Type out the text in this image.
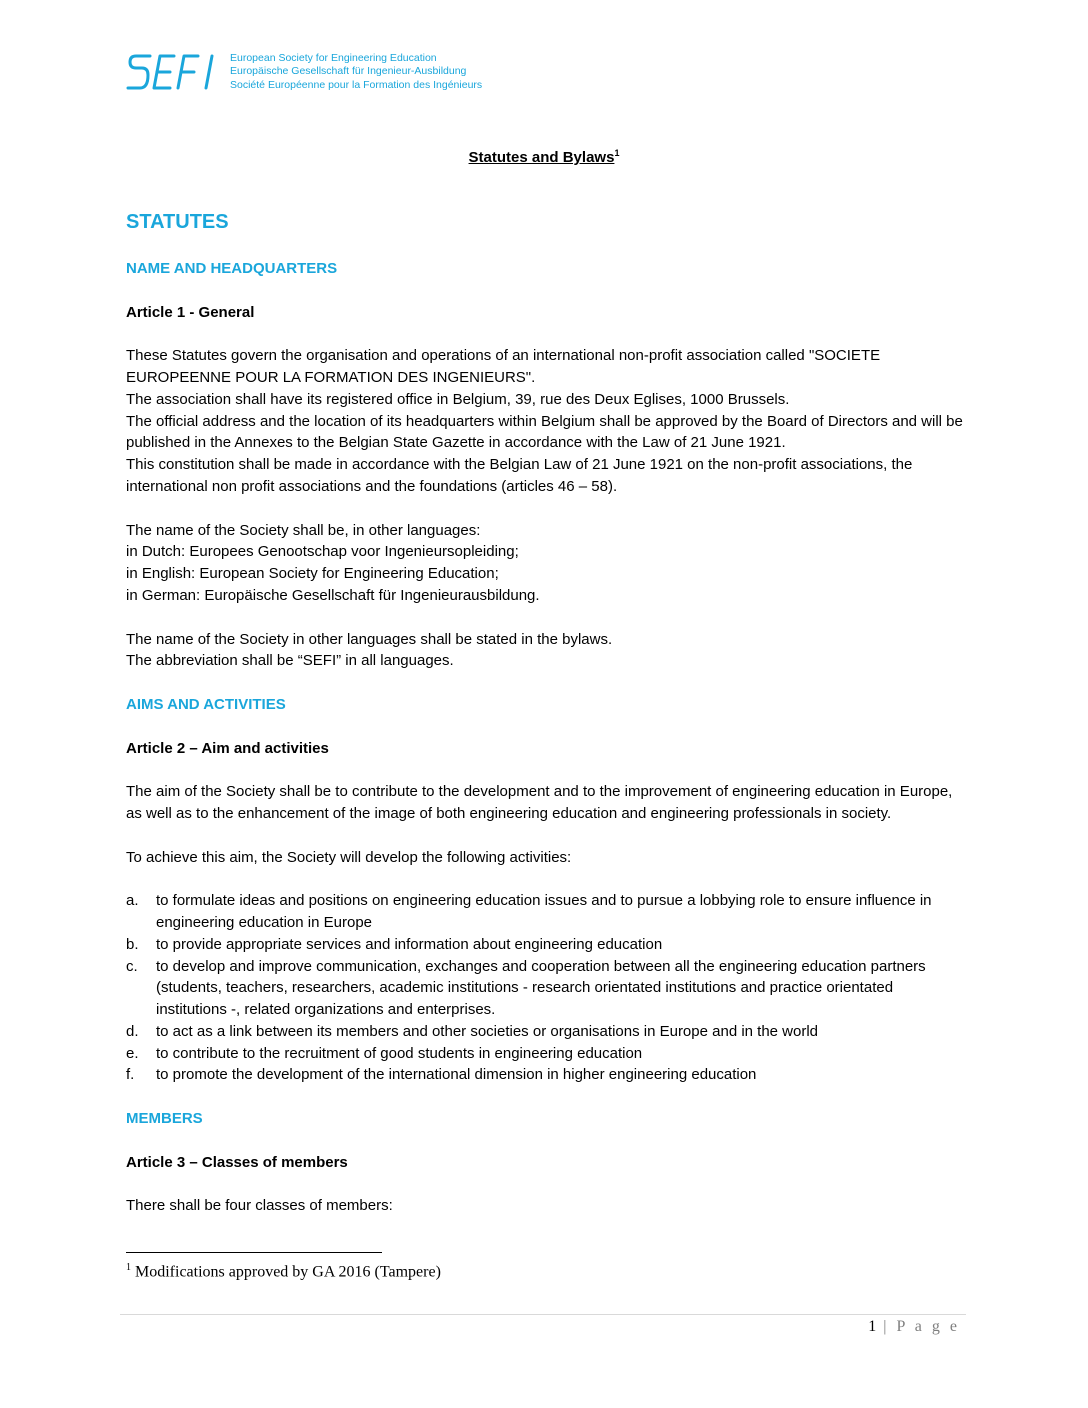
European Society for Engineering Education
Europäische Gesellschaft für Ingenieur-Ausbildung
Société Européenne pour la Formation des Ingénieurs
Statutes and Bylaws$^1$
STATUTES
NAME AND HEADQUARTERS
Article 1 - General
These Statutes govern the organisation and operations of an international non-profit association called "SOCIETE EUROPEENNE POUR LA FORMATION DES INGENIEURS".
The association shall have its registered office in Belgium, 39, rue des Deux Eglises, 1000 Brussels.
The official address and the location of its headquarters within Belgium shall be approved by the Board of Directors and will be published in the Annexes to the Belgian State Gazette in accordance with the Law of 21 June 1921.
This constitution shall be made in accordance with the Belgian Law of 21 June 1921 on the non-profit associations, the international non profit associations and the foundations (articles 46 – 58).
The name of the Society shall be, in other languages:
in Dutch: Europees Genootschap voor Ingenieursopleiding;
in English: European Society for Engineering Education;
in German: Europäische Gesellschaft für Ingenieurausbildung.
The name of the Society in other languages shall be stated in the bylaws.
The abbreviation shall be “SEFI” in all languages.
AIMS AND ACTIVITIES
Article 2 – Aim and activities
The aim of the Society shall be to contribute to the development and to the improvement of engineering education in Europe, as well as to the enhancement of the image of both engineering education and engineering professionals in society.
To achieve this aim, the Society will develop the following activities:
a.	to formulate ideas and positions on engineering education issues and to pursue a lobbying role to ensure influence in engineering education in Europe
b.	to provide appropriate services and information about engineering education
c.	to develop and improve communication, exchanges and cooperation between all the engineering education partners (students, teachers, researchers, academic institutions - research orientated institutions and practice orientated institutions -, related organizations and enterprises.
d.	to act as a link between its members and other societies or organisations in Europe and in the world
e.	to contribute to the recruitment of good students in engineering education
f.	to promote the development of the international dimension in higher engineering education
MEMBERS
Article 3 – Classes of members
There shall be four classes of members:
$^1$ Modifications approved by GA 2016 (Tampere)
1 | P a g e
